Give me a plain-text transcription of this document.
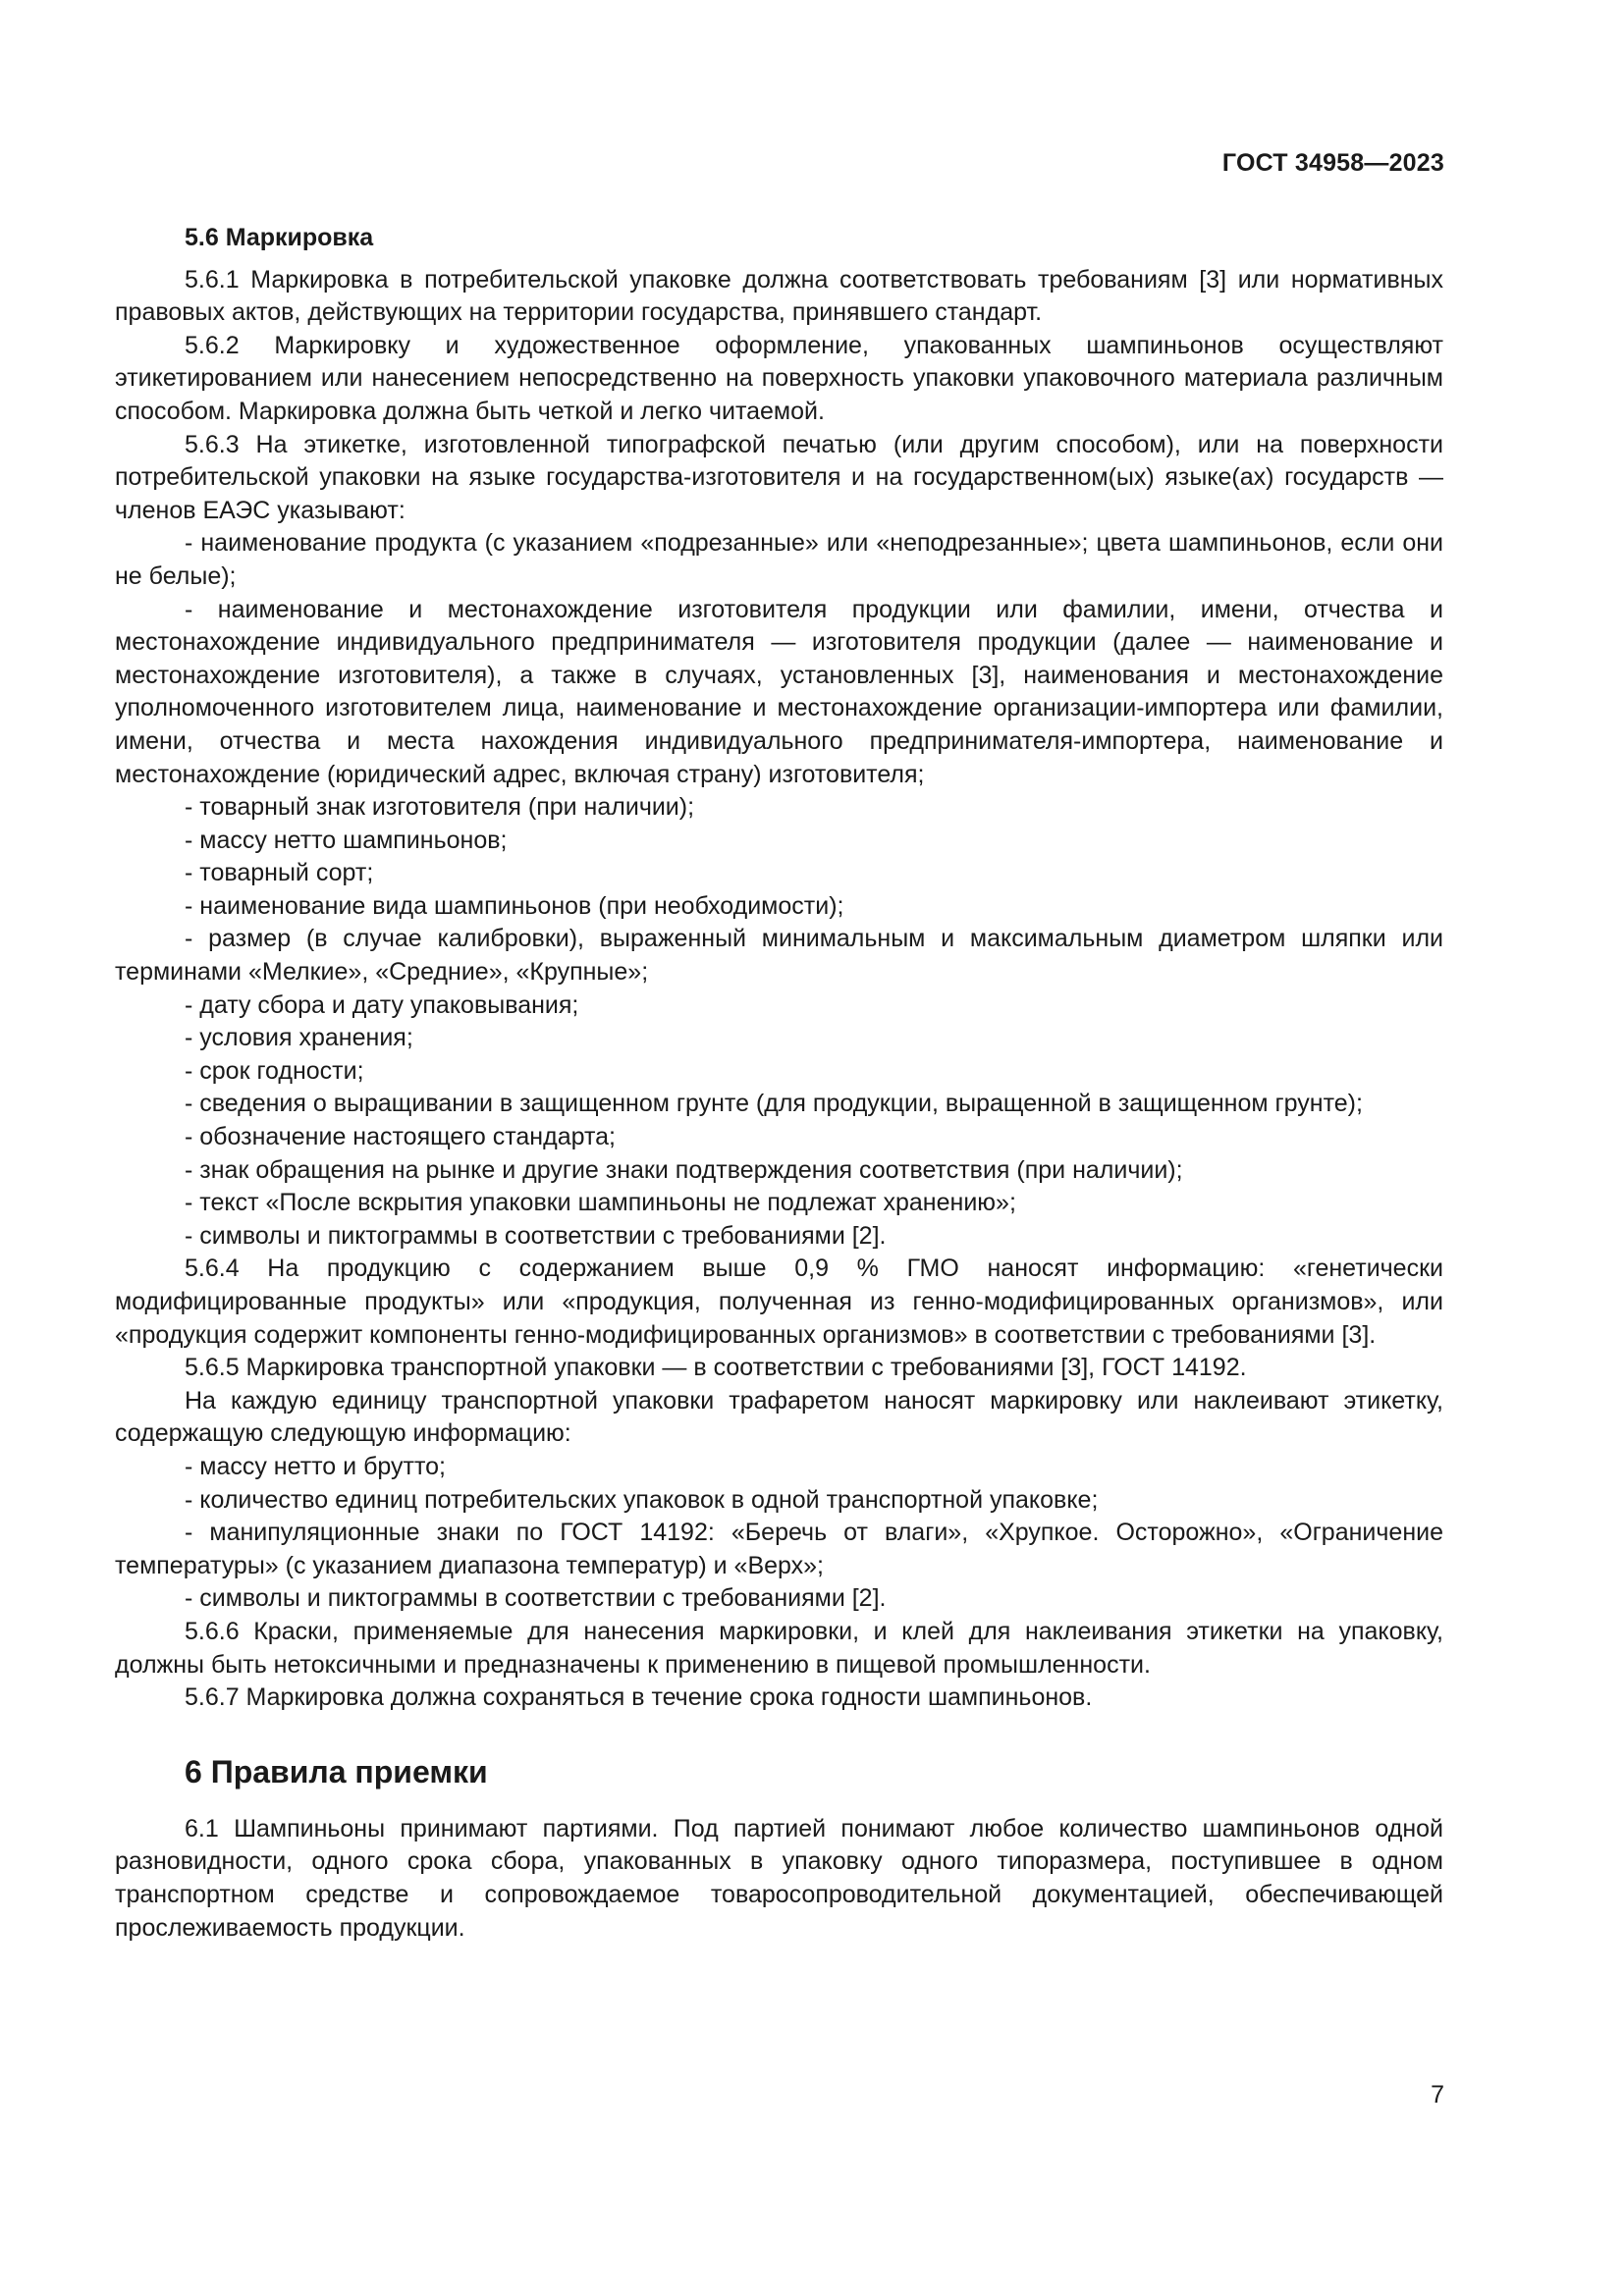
ГОСТ 34958—2023
5.6 Маркировка
5.6.1 Маркировка в потребительской упаковке должна соответствовать требованиям [3] или нормативных правовых актов, действующих на территории государства, принявшего стандарт.
5.6.2 Маркировку и художественное оформление, упакованных шампиньонов осуществляют этикетированием или нанесением непосредственно на поверхность упаковки упаковочного материала различным способом. Маркировка должна быть четкой и легко читаемой.
5.6.3 На этикетке, изготовленной типографской печатью (или другим способом), или на поверхности потребительской упаковки на языке государства-изготовителя и на государственном(ых) языке(ах) государств — членов ЕАЭС указывают:
- наименование продукта (с указанием «подрезанные» или «неподрезанные»; цвета шампиньонов, если они не белые);
- наименование и местонахождение изготовителя продукции или фамилии, имени, отчества и местонахождение индивидуального предпринимателя — изготовителя продукции (далее — наименование и местонахождение изготовителя), а также в случаях, установленных [3], наименования и местонахождение уполномоченного изготовителем лица, наименование и местонахождение организации-импортера или фамилии, имени, отчества и места нахождения индивидуального предпринимателя-импортера, наименование и местонахождение (юридический адрес, включая страну) изготовителя;
- товарный знак изготовителя (при наличии);
- массу нетто шампиньонов;
- товарный сорт;
- наименование вида шампиньонов (при необходимости);
- размер (в случае калибровки), выраженный минимальным и максимальным диаметром шляпки или терминами «Мелкие», «Средние», «Крупные»;
- дату сбора и дату упаковывания;
- условия хранения;
- срок годности;
- сведения о выращивании в защищенном грунте (для продукции, выращенной в защищенном грунте);
- обозначение настоящего стандарта;
- знак обращения на рынке и другие знаки подтверждения соответствия (при наличии);
- текст «После вскрытия упаковки шампиньоны не подлежат хранению»;
- символы и пиктограммы в соответствии с требованиями [2].
5.6.4 На продукцию с содержанием выше 0,9 % ГМО наносят информацию: «генетически модифицированные продукты» или «продукция, полученная из генно-модифицированных организмов», или «продукция содержит компоненты генно-модифицированных организмов» в соответствии с требованиями [3].
5.6.5 Маркировка транспортной упаковки — в соответствии с требованиями [3], ГОСТ 14192.
На каждую единицу транспортной упаковки трафаретом наносят маркировку или наклеивают этикетку, содержащую следующую информацию:
- массу нетто и брутто;
- количество единиц потребительских упаковок в одной транспортной упаковке;
- манипуляционные знаки по ГОСТ 14192: «Беречь от влаги», «Хрупкое. Осторожно», «Ограничение температуры» (с указанием диапазона температур) и «Верх»;
- символы и пиктограммы в соответствии с требованиями [2].
5.6.6 Краски, применяемые для нанесения маркировки, и клей для наклеивания этикетки на упаковку, должны быть нетоксичными и предназначены к применению в пищевой промышленности.
5.6.7 Маркировка должна сохраняться в течение срока годности шампиньонов.
6 Правила приемки
6.1 Шампиньоны принимают партиями. Под партией понимают любое количество шампиньонов одной разновидности, одного срока сбора, упакованных в упаковку одного типоразмера, поступившее в одном транспортном средстве и сопровождаемое товаросопроводительной документацией, обеспечивающей прослеживаемость продукции.
7
